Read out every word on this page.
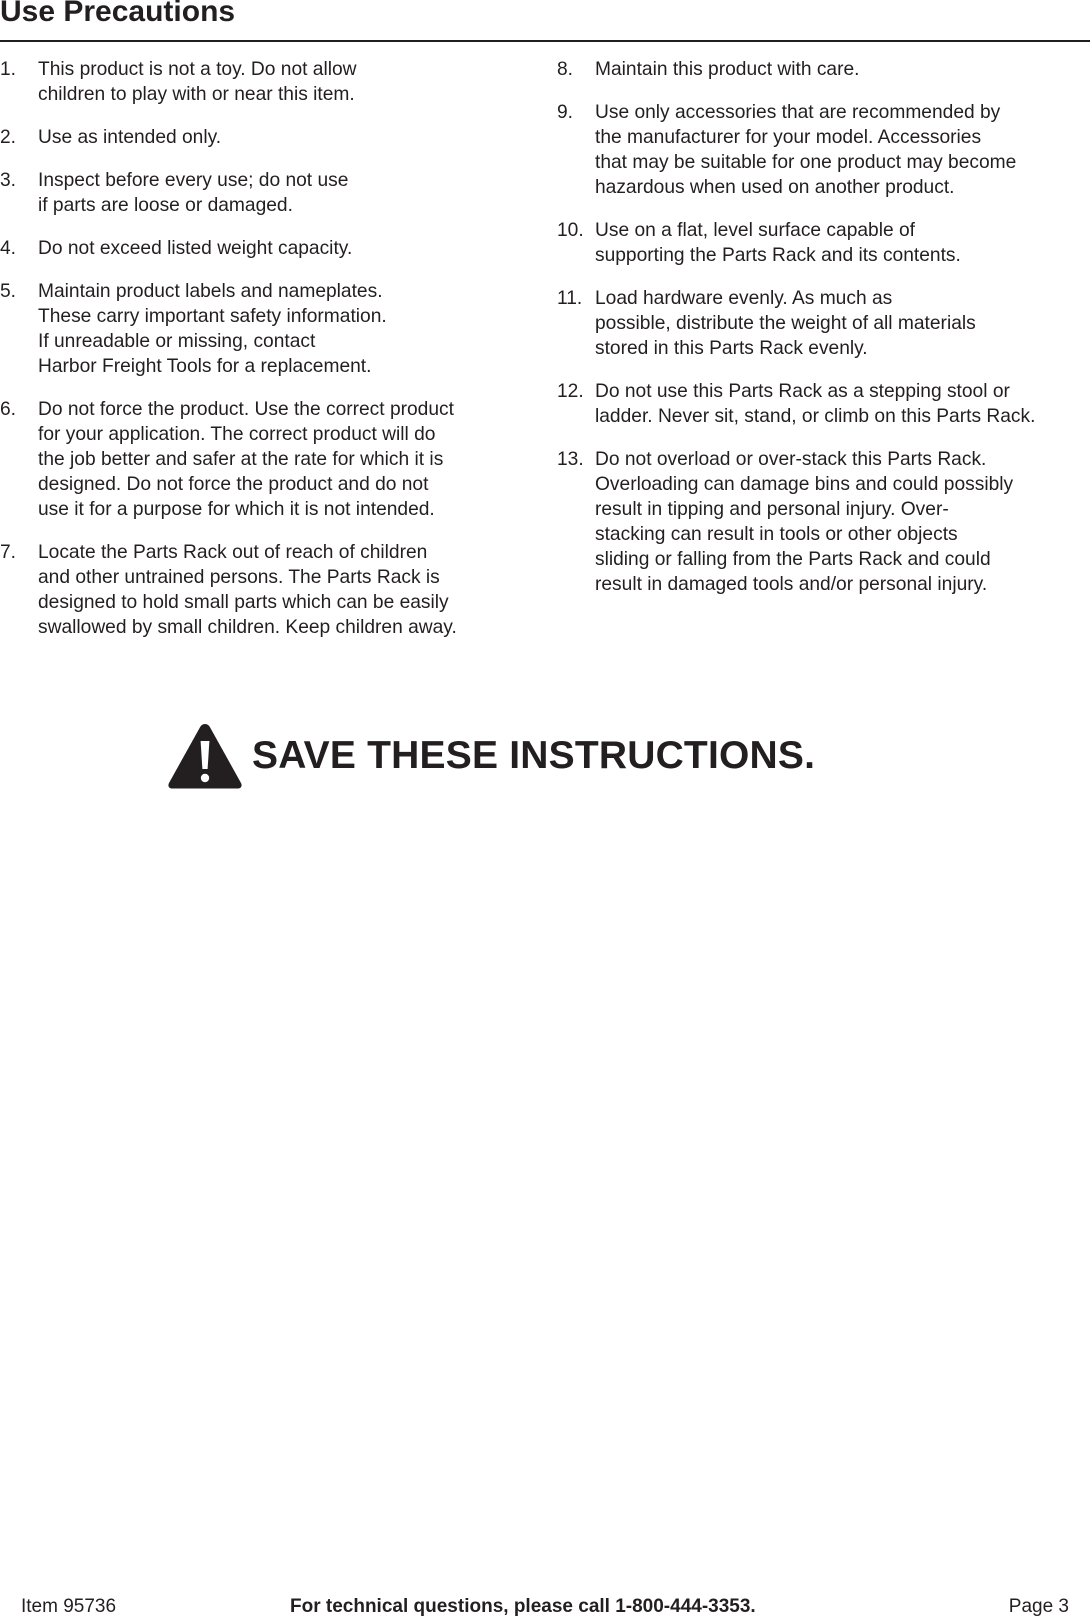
Use Precautions
1.	This product is not a toy. Do not allow
children to play with or near this item.
2.	Use as intended only.
3.	Inspect before every use; do not use
if parts are loose or damaged.
4.	Do not exceed listed weight capacity.
5.	Maintain product labels and nameplates.
These carry important safety information.
If unreadable or missing, contact
Harbor Freight Tools for a replacement.
6.	Do not force the product. Use the correct product
for your application. The correct product will do
the job better and safer at the rate for which it is
designed. Do not force the product and do not
use it for a purpose for which it is not intended.
7.	Locate the Parts Rack out of reach of children
and other untrained persons. The Parts Rack is
designed to hold small parts which can be easily
swallowed by small children. Keep children away.
8.	Maintain this product with care.
9.	Use only accessories that are recommended by
the manufacturer for your model. Accessories
that may be suitable for one product may become
hazardous when used on another product.
10. Use on a flat, level surface capable of
supporting the Parts Rack and its contents.
11. Load hardware evenly. As much as
possible, distribute the weight of all materials
stored in this Parts Rack evenly.
12. Do not use this Parts Rack as a stepping stool or
ladder. Never sit, stand, or climb on this Parts Rack.
13. Do not overload or over-stack this Parts Rack.
Overloading can damage bins and could possibly
result in tipping and personal injury. Over-
stacking can result in tools or other objects
sliding or falling from the Parts Rack and could
result in damaged tools and/or personal injury.
SAVE THESE INSTRUCTIONS.
Item 95736	For technical questions, please call 1-800-444-3353.	Page 3
